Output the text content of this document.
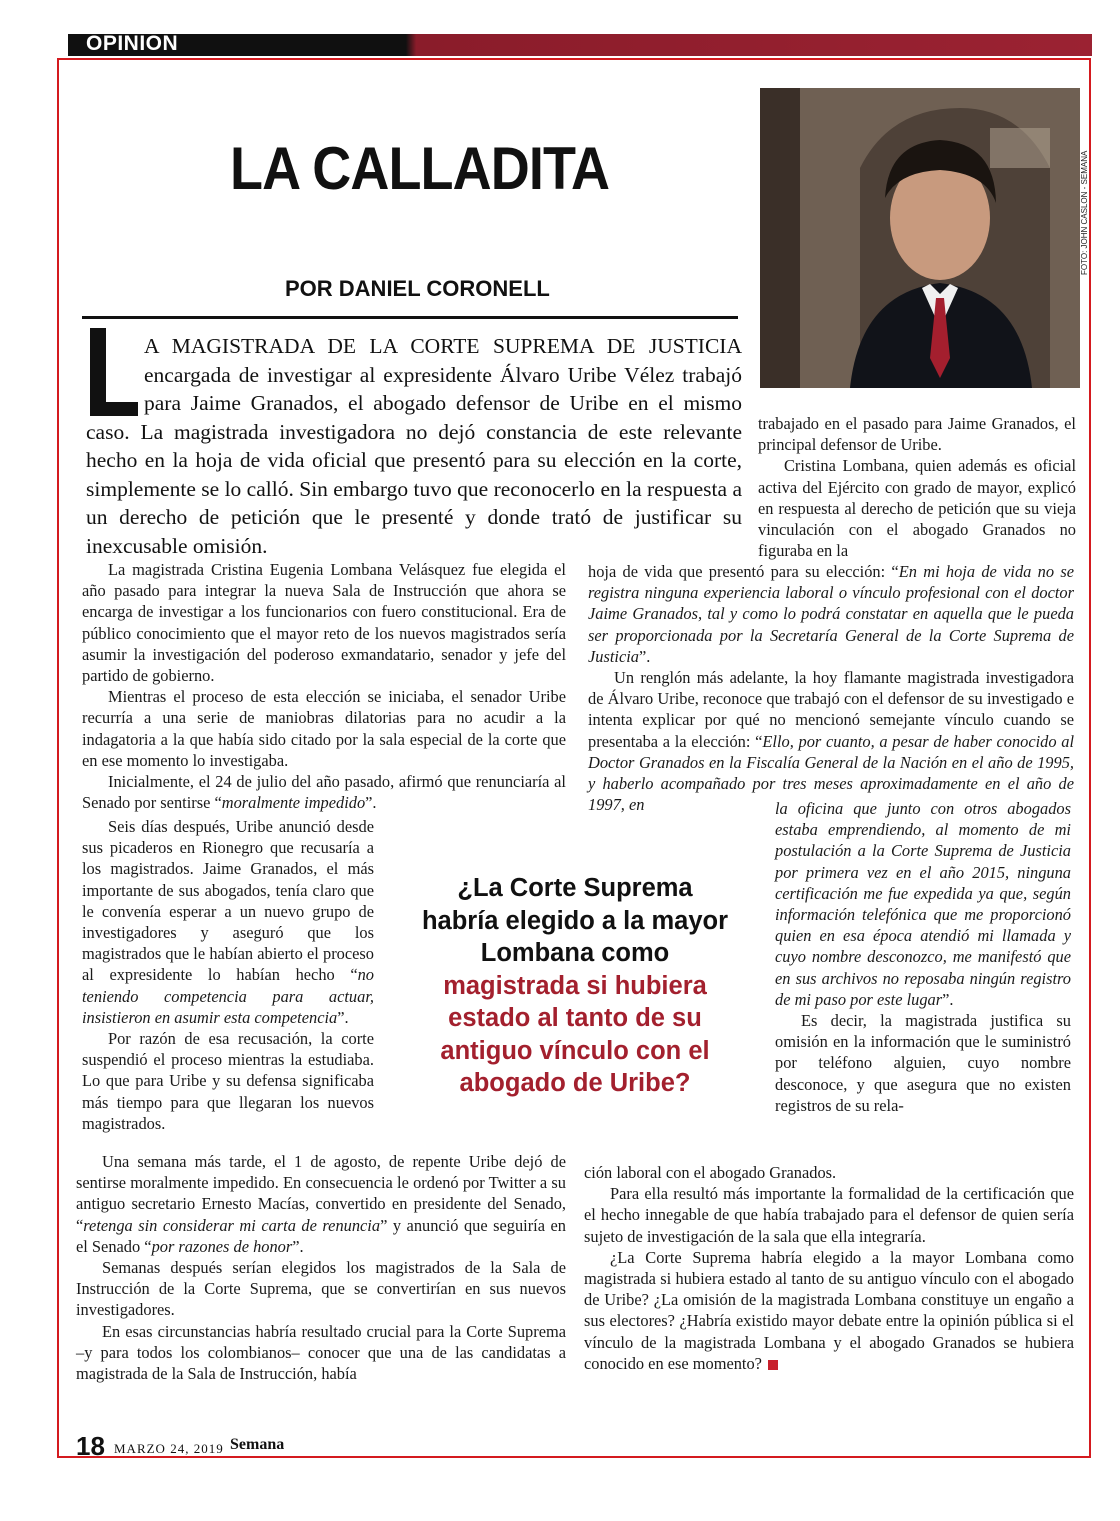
OPINIÓN
LA CALLADITA
POR DANIEL CORONELL
A MAGISTRADA DE LA CORTE SUPREMA DE JUSTICIA encargada de investigar al expresidente Álvaro Uribe Vélez trabajó para Jaime Granados, el abogado defensor de Uribe en el mismo caso. La magistrada investigadora no dejó constancia de este relevante hecho en la hoja de vida oficial que presentó para su elección en la corte, simplemente se lo calló. Sin embargo tuvo que reconocerlo en la respuesta a un derecho de petición que le presenté y donde trató de justificar su inexcusable omisión.
FOTO: JOHN CASLON - SEMANA

trabajado en el pasado para Jaime Granados, el principal defensor de Uribe.

Cristina Lombana, quien además es oficial activa del Ejército con grado de mayor, explicó en respuesta al derecho de petición que su vieja vinculación con el abogado Granados no figuraba en la

La magistrada Cristina Eugenia Lombana Velásquez fue elegida el año pasado para integrar la nueva Sala de Instrucción que ahora se encarga de investigar a los funcionarios con fuero constitucional. Era de público conocimiento que el mayor reto de los nuevos magistrados sería asumir la investigación del poderoso exmandatario, senador y jefe del partido de gobierno.

Mientras el proceso de esta elección se iniciaba, el senador Uribe recurría a una serie de maniobras dilatorias para no acudir a la indagatoria a la que había sido citado por la sala especial de la corte que en ese momento lo investigaba.

Inicialmente, el 24 de julio del año pasado, afirmó que renunciaría al Senado por sentirse “moralmente impedido”.

Seis días después, Uribe anunció desde sus picaderos en Rionegro que recusaría a los magistrados. Jaime Granados, el más importante de sus abogados, tenía claro que le convenía esperar a un nuevo grupo de investigadores y aseguró que los magistrados que le habían abierto el proceso al expresidente lo habían hecho “no teniendo competencia para actuar, insistieron en asumir esta competencia”.

Por razón de esa recusación, la corte suspendió el proceso mientras la estudiaba. Lo que para Uribe y su defensa significaba más tiempo para que llegaran los nuevos magistrados.

Una semana más tarde, el 1 de agosto, de repente Uribe dejó de sentirse moralmente impedido. En consecuencia le ordenó por Twitter a su antiguo secretario Ernesto Macías, convertido en presidente del Senado, “retenga sin considerar mi carta de renuncia” y anunció que seguiría en el Senado “por razones de honor”.

Semanas después serían elegidos los magistrados de la Sala de Instrucción de la Corte Suprema, que se convertirían en sus nuevos investigadores.

En esas circunstancias habría resultado crucial para la Corte Suprema –y para todos los colombianos– conocer que una de las candidatas a magistrada de la Sala de Instrucción, había

hoja de vida que presentó para su elección: “En mi hoja de vida no se registra ninguna experiencia laboral o vínculo profesional con el doctor Jaime Granados, tal y como lo podrá constatar en aquella que le pueda ser proporcionada por la Secretaría General de la Corte Suprema de Justicia”.

Un renglón más adelante, la hoy flamante magistrada investigadora de Álvaro Uribe, reconoce que trabajó con el defensor de su investigado e intenta explicar por qué no mencionó semejante vínculo cuando se presentaba a la elección: “Ello, por cuanto, a pesar de haber conocido al Doctor Granados en la Fiscalía General de la Nación en el año de 1995, y haberlo acompañado por tres meses aproximadamente en el año de 1997, en	la oficina que junto con otros abogados estaba emprendiendo, al momento de mi postulación a la Corte Suprema de Justicia por primera vez en el año 2015, ninguna certificación me fue expedida ya que, según información telefónica que me proporcionó quien en esa época atendió mi llamada y cuyo nombre desconozco, me manifestó que en sus archivos no reposaba ningún registro de mi paso por este lugar”.

Es decir, la magistrada justifica su omisión en la información que le suministró por teléfono alguien, cuyo nombre desconoce, y que asegura que no existen registros de su rela-

ción laboral con el abogado Granados.

Para ella resultó más importante la formalidad de la certificación que el hecho innegable de que había trabajado para el defensor de quien sería sujeto de investigación de la sala que ella integraría.

¿La Corte Suprema habría elegido a la mayor Lombana como magistrada si hubiera estado al tanto de su antiguo vínculo con el abogado de Uribe? ¿La omisión de la magistrada Lombana constituye un engaño a sus electores? ¿Habría existido mayor debate entre la opinión pública si el vínculo de la magistrada Lombana y el abogado Granados se hubiera conocido en ese momento?

¿La Corte Suprema habría elegido a la mayor Lombana como magistrada si hubiera estado al tanto de su antiguo vínculo con el abogado de Uribe?
18 MARZO 24, 2019 Semana
